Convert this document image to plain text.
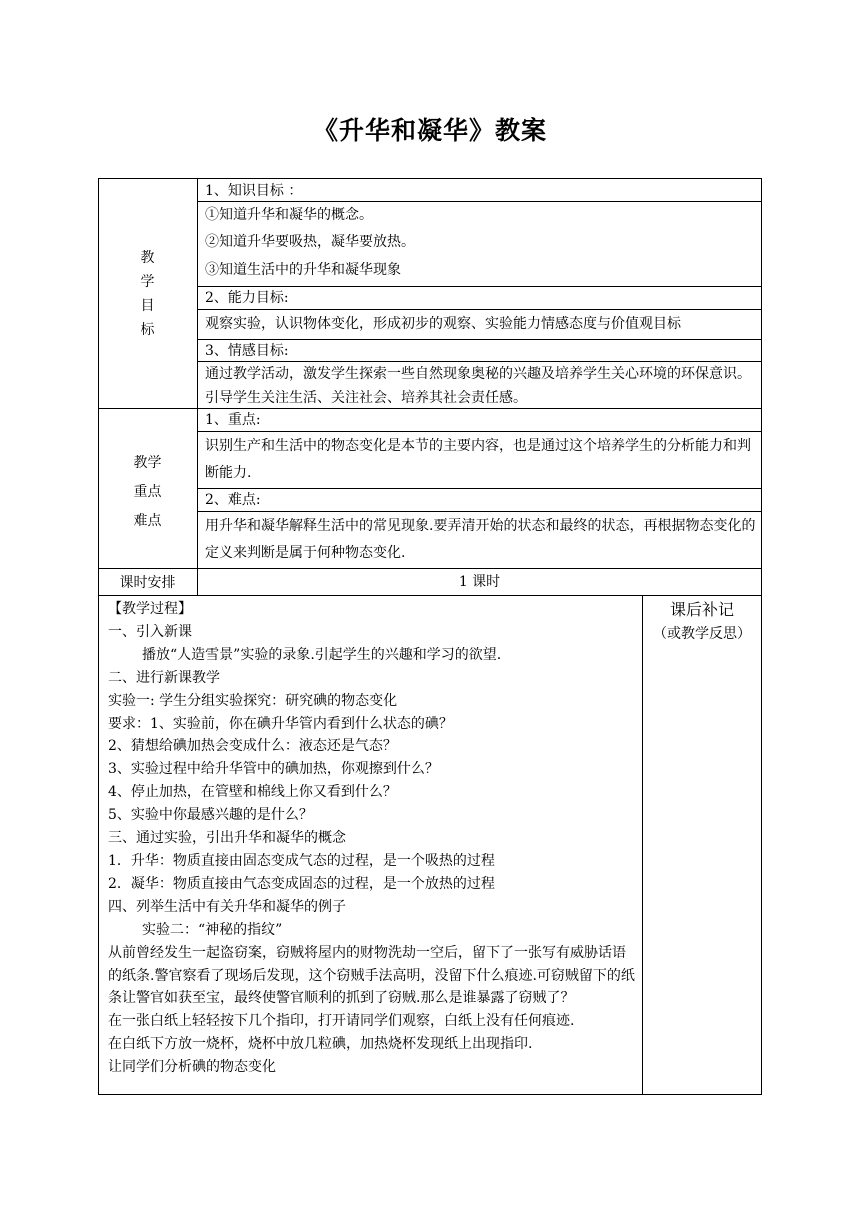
《升华和凝华》教案
教
学
目
标
1、知识目标 ：
①知道升华和凝华的概念。
②知道升华要吸热，凝华要放热。
③知道生活中的升华和凝华现象
2、能力目标:
观察实验，认识物体变化，形成初步的观察、实验能力情感态度与价值观目标
3、情感目标:
通过教学活动，激发学生探索一些自然现象奥秘的兴趣及培养学生关心环境的环保意识。引导学生关注生活、关注社会、培养其社会责任感。
教学
重点
难点
1、重点:
识别生产和生活中的物态变化是本节的主要内容，也是通过这个培养学生的分析能力和判断能力.
2、难点:
用升华和凝华解释生活中的常见现象.要弄清开始的状态和最终的状态，再根据物态变化的定义来判断是属于何种物态变化.
课时安排	1 课时
【教学过程】
一、引入新课
播放“人造雪景”实验的录象.引起学生的兴趣和学习的欲望.
二、进行新课教学
实验一: 学生分组实验探究：研究碘的物态变化
要求：1、实验前，你在碘升华管内看到什么状态的碘？
2、猜想给碘加热会变成什么：液态还是气态？
3、实验过程中给升华管中的碘加热，你观擦到什么？
4、停止加热，在管壁和棉线上你又看到什么？
5、实验中你最感兴趣的是什么？
三、通过实验，引出升华和凝华的概念
1．升华：物质直接由固态变成气态的过程，是一个吸热的过程
2．凝华：物质直接由气态变成固态的过程，是一个放热的过程
四、列举生活中有关升华和凝华的例子
实验二：“神秘的指纹”
从前曾经发生一起盗窃案，窃贼将屋内的财物洗劫一空后，留下了一张写有威胁话语的纸条.警官察看了现场后发现，这个窃贼手法高明，没留下什么痕迹.可窃贼留下的纸条让警官如获至宝，最终使警官顺利的抓到了窃贼.那么是谁暴露了窃贼了？
在一张白纸上轻轻按下几个指印，打开请同学们观察，白纸上没有任何痕迹.
在白纸下方放一烧杯，烧杯中放几粒碘，加热烧杯发现纸上出现指印.
让同学们分析碘的物态变化
课后补记
（或教学反思）
